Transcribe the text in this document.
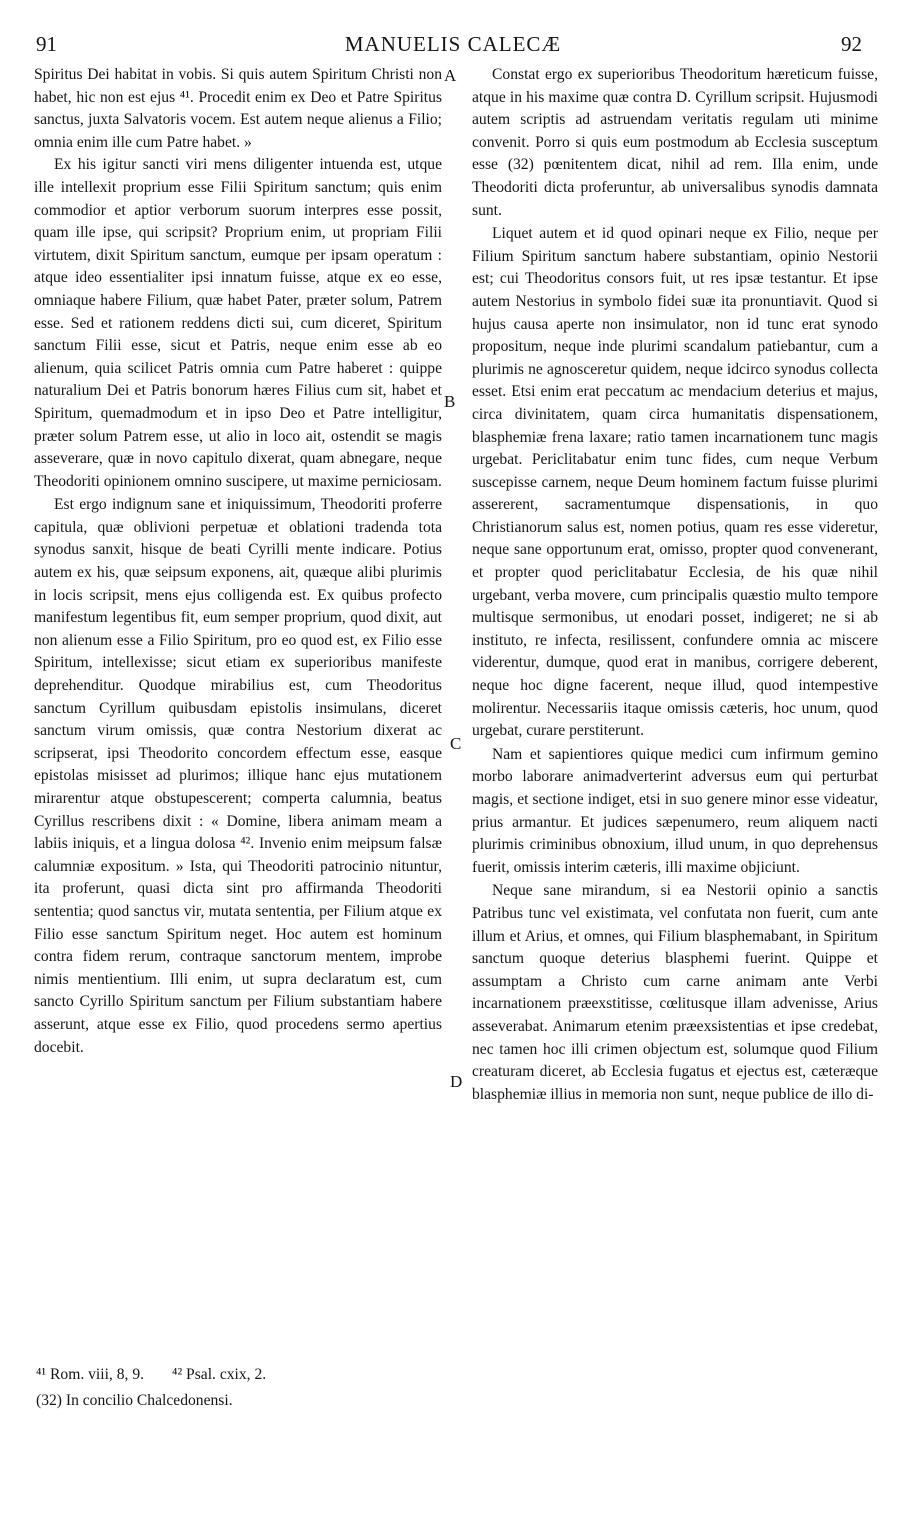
91	MANUELIS CALECÆ	92

Spiritus Dei habitat in vobis. Si quis autem Spiritum Christi non habet, hic non est ejus ⁴¹. Procedit enim ex Deo et Patre Spiritus sanctus, juxta Salvatoris vocem. Est autem neque alienus a Filio; omnia enim ille cum Patre habet. »

Ex his igitur sancti viri mens diligenter intuenda est, utque ille intellexit proprium esse Filii Spiritum sanctum; quis enim commodior et aptior verborum suorum interpres esse possit, quam ille ipse, qui scripsit? Proprium enim, ut propriam Filii virtutem, dixit Spiritum sanctum, eumque per ipsam operatum : atque ideo essentialiter ipsi innatum fuisse, atque ex eo esse, omniaque habere Filium, quæ habet Pater, præter solum, Patrem esse. Sed et rationem reddens dicti sui, cum diceret, Spiritum sanctum Filii esse, sicut et Patris, neque enim esse ab eo alienum, quia scilicet Patris omnia cum Patre haberet : quippe naturalium Dei et Patris bonorum hæres Filius cum sit, habet et Spiritum, quemadmodum et in ipso Deo et Patre intelligitur, præter solum Patrem esse, ut alio in loco ait, ostendit se magis asseverare, quæ in novo capitulo dixerat, quam abnegare, neque Theodoriti opinionem omnino suscipere, ut maxime perniciosam.

Est ergo indignum sane et iniquissimum, Theodoriti proferre capitula, quæ oblivioni perpetuæ et oblationi tradenda tota synodus sanxit, hisque de beati Cyrilli mente indicare. Potius autem ex his, quæ seipsum exponens, ait, quæque alibi plurimis in locis scripsit, mens ejus colligenda est. Ex quibus profecto manifestum legentibus fit, eum semper proprium, quod dixit, aut non alienum esse a Filio Spiritum, pro eo quod est, ex Filio esse Spiritum, intellexisse; sicut etiam ex superioribus manifeste deprehenditur. Quodque mirabilius est, cum Theodoritus sanctum Cyrillum quibusdam epistolis insimulans, diceret sanctum virum omissis, quæ contra Nestorium dixerat ac scripserat, ipsi Theodorito concordem effectum esse, easque epistolas misisset ad plurimos; illique hanc ejus mutationem mirarentur atque obstupescerent; comperta calumnia, beatus Cyrillus rescribens dixit : « Domine, libera animam meam a labiis iniquis, et a lingua dolosa ⁴². Invenio enim meipsum falsæ calumniæ expositum. » Ista, qui Theodoriti patrocinio nituntur, ita proferunt, quasi dicta sint pro affirmanda Theodoriti sententia; quod sanctus vir, mutata sententia, per Filium atque ex Filio esse sanctum Spiritum neget. Hoc autem est hominum contra fidem rerum, contraque sanctorum mentem, improbe nimis mentientium. Illi enim, ut supra declaratum est, cum sancto Cyrillo Spiritum sanctum per Filium substantiam habere asserunt, atque esse ex Filio, quod procedens sermo apertius docebit.

Constat ergo ex superioribus Theodoritum hæreticum fuisse, atque in his maxime quæ contra D. Cyrillum scripsit. Hujusmodi autem scriptis ad astruendam veritatis regulam uti minime convenit. Porro si quis eum postmodum ab Ecclesia susceptum esse (32) pœnitentem dicat, nihil ad rem. Illa enim, unde Theodoriti dicta proferuntur, ab universalibus synodis damnata sunt.

Liquet autem et id quod opinari neque ex Filio, neque per Filium Spiritum sanctum habere substantiam, opinio Nestorii est; cui Theodoritus consors fuit, ut res ipsæ testantur. Et ipse autem Nestorius in symbolo fidei suæ ita pronuntiavit. Quod si hujus causa aperte non insimulator, non id tunc erat synodo propositum, neque inde plurimi scandalum patiebantur, cum a plurimis ne agnosceretur quidem, neque idcirco synodus collecta esset. Etsi enim erat peccatum ac mendacium deterius et majus, circa divinitatem, quam circa humanitatis dispensationem, blasphemiæ frena laxare; ratio tamen incarnationem tunc magis urgebat. Periclitabatur enim tunc fides, cum neque Verbum suscepisse carnem, neque Deum hominem factum fuisse plurimi assererent, sacramentumque dispensationis, in quo Christianorum salus est, nomen potius, quam res esse videretur, neque sane opportunum erat, omisso, propter quod convenerant, et propter quod periclitabatur Ecclesia, de his quæ nihil urgebant, verba movere, cum principalis quæstio multo tempore multisque sermonibus, ut enodari posset, indigeret; ne si ab instituto, re infecta, resilissent, confundere omnia ac miscere viderentur, dumque, quod erat in manibus, corrigere deberent, neque hoc digne facerent, neque illud, quod intempestive molirentur. Necessariis itaque omissis cæteris, hoc unum, quod urgebat, curare perstiterunt.

Nam et sapientiores quique medici cum infirmum gemino morbo laborare animadverterint adversus eum qui perturbat magis, et sectione indiget, etsi in suo genere minor esse videatur, prius armantur. Et judices sæpenumero, reum aliquem nacti plurimis criminibus obnoxium, illud unum, in quo deprehensus fuerit, omissis interim cæteris, illi maxime objiciunt.

Neque sane mirandum, si ea Nestorii opinio a sanctis Patribus tunc vel existimata, vel confutata non fuerit, cum ante illum et Arius, et omnes, qui Filium blasphemabant, in Spiritum sanctum quoque deterius blasphemi fuerint. Quippe et assumptam a Christo cum carne animam ante Verbi incarnationem præexstitisse, cœlitusque illam advenisse, Arius asseverabat. Animarum etenim præexsistentias et ipse credebat, nec tamen hoc illi crimen objectum est, solumque quod Filium creaturam diceret, ab Ecclesia fugatus et ejectus est, cæteræque blasphemiæ illius in memoria non sunt, neque publice de illo di-

A
B
C
D
⁴¹ Rom. viii, 8, 9. ⁴² Psal. cxix, 2.
(32) In concilio Chalcedonensi.
